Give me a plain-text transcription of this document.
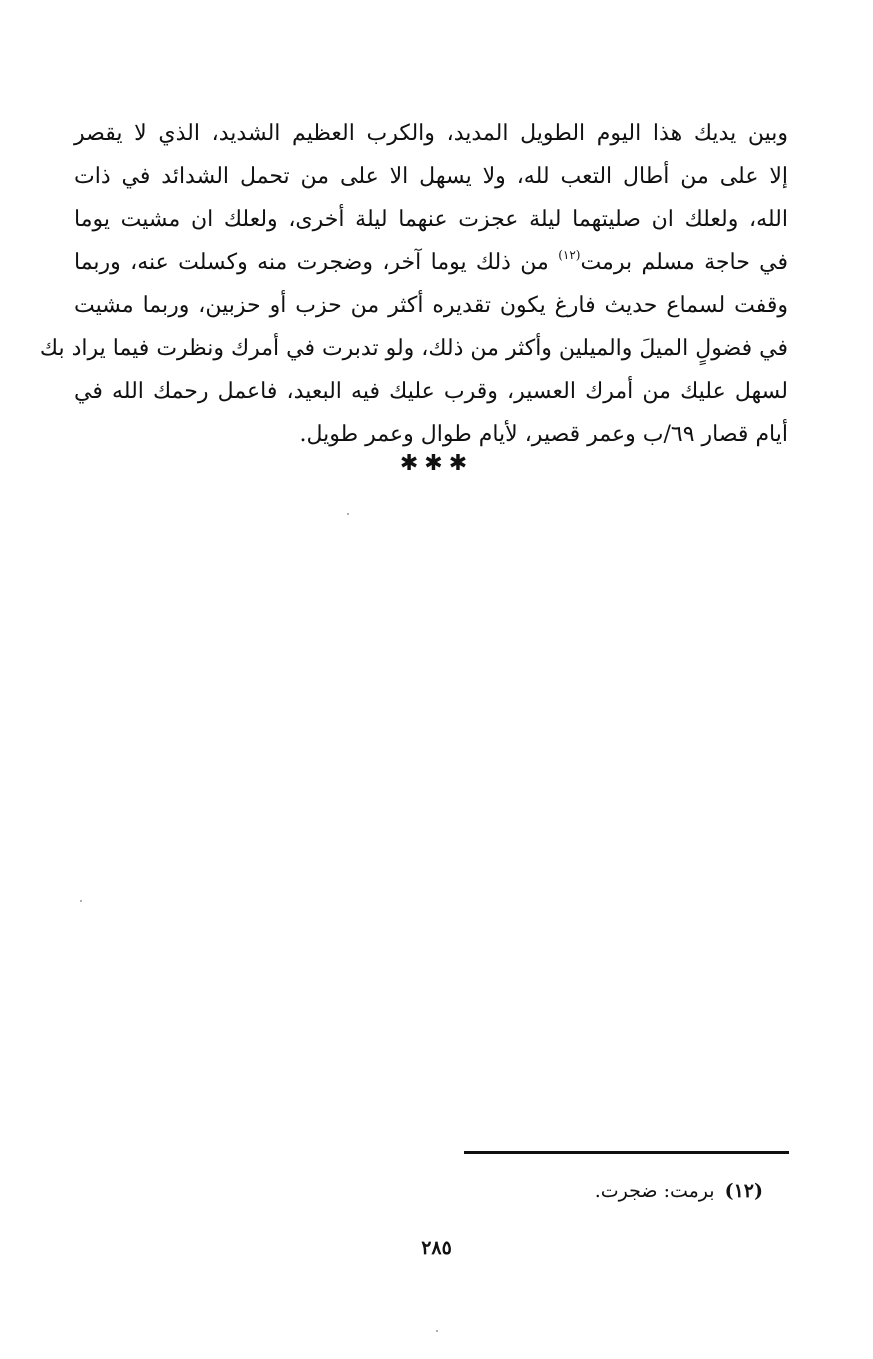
وبين يديك هذا اليوم الطويل المديد، والكرب العظيم الشديد، الذي لا يقصر
إلا على من أطال التعب لله، ولا يسهل الا على من تحمل الشدائد في ذات
الله، ولعلك ان صليتهما ليلة عجزت عنهما ليلة أخرى، ولعلك ان مشيت يوما
في حاجة مسلم برمت$^{(١٢)}$ من ذلك يوما آخر، وضجرت منه وكسلت عنه، وربما
وقفت لسماع حديث فارغ يكون تقديره أكثر من حزب أو حزبين، وربما مشيت
في فضولٍ الميلَ والميلين وأكثر من ذلك، ولو تدبرت في أمرك ونظرت فيما يراد بك
لسهل عليك من أمرك العسير، وقرب عليك فيه البعيد، فاعمل رحمك الله في
أيام قصار ٦٩/ب وعمر قصير، لأيام طوال وعمر طويل.
✱✱✱
(١٢)برمت: ضجرت.
٢٨٥
